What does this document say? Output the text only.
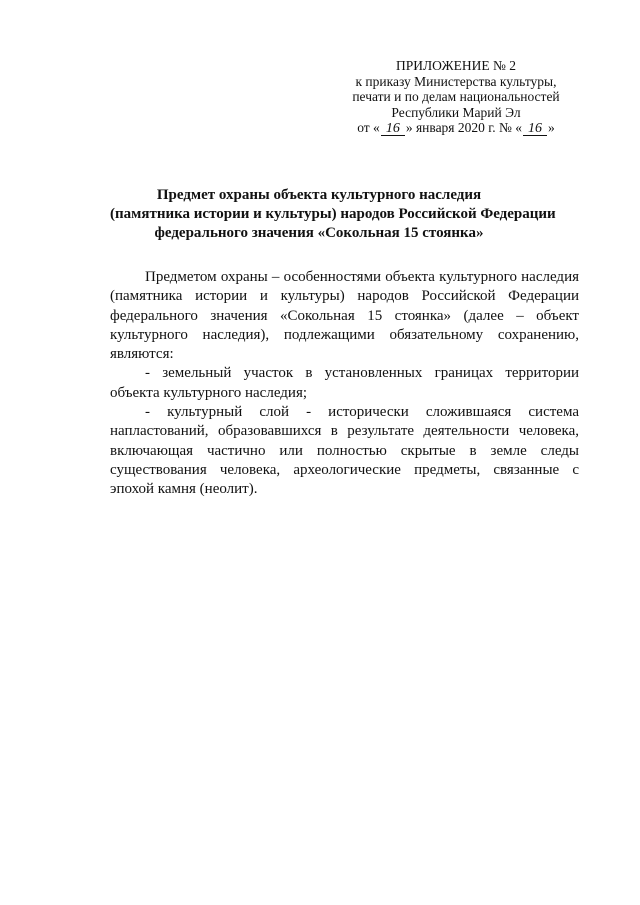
ПРИЛОЖЕНИЕ № 2
к приказу Министерства культуры,
печати и по делам национальностей
Республики Марий Эл
от « 16 » января 2020 г. № « 16 »
Предмет охраны объекта культурного наследия
(памятника истории и культуры) народов Российской Федерации
федерального значения «Сокольная 15 стоянка»

Предметом охраны – особенностями объекта культурного наследия (памятника истории и культуры) народов Российской Федерации федерального значения «Сокольная 15 стоянка» (далее – объект культурного наследия), подлежащими обязательному сохранению, являются:

- земельный участок в установленных границах территории объекта культурного наследия;

- культурный слой - исторически сложившаяся система напластований, образовавшихся в результате деятельности человека, включающая частично или полностью скрытые в земле следы существования человека, археологические предметы, связанные с эпохой камня (неолит).
